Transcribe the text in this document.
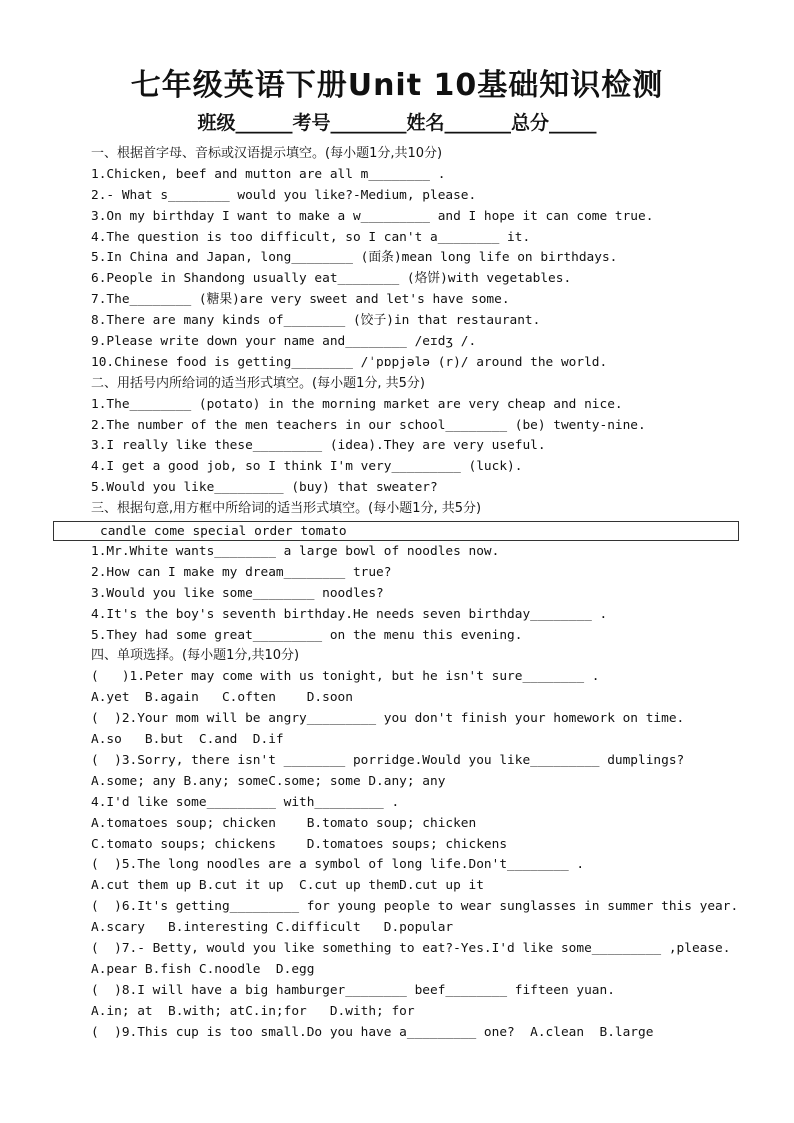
七年级英语下册Unit 10基础知识检测
班级______考号________姓名_______总分_____
一、根据首字母、音标或汉语提示填空。(每小题1分,共10分)
1.Chicken, beef and mutton are all m________ .
2.- What s________ would you like?-Medium, please.
3.On my birthday I want to make a w_________ and I hope it can come true.
4.The question is too difficult, so I can't a________ it.
5.In China and Japan, long________ (面条)mean long life on birthdays.
6.People in Shandong usually eat________ (烙饼)with vegetables.
7.The________ (糖果)are very sweet and let's have some.
8.There are many kinds of________ (饺子)in that restaurant.
9.Please write down your name and________ /eɪdʒ /.
10.Chinese food is getting________ /ˈpɒpjələ (r)/ around the world.
二、用括号内所给词的适当形式填空。(每小题1分, 共5分)
1.The________ (potato) in the morning market are very cheap and nice.
2.The number of the men teachers in our school________ (be) twenty-nine.
3.I really like these_________ (idea).They are very useful.
4.I get a good job, so I think I'm very_________ (luck).
5.Would you like_________ (buy) that sweater?
三、根据句意,用方框中所给词的适当形式填空。(每小题1分, 共5分)
candle come special order tomato
1.Mr.White wants________ a large bowl of noodles now.
2.How can I make my dream________ true?
3.Would you like some________ noodles?
4.It's the boy's seventh birthday.He needs seven birthday________ .
5.They had some great_________ on the menu this evening.
四、单项选择。(每小题1分,共10分)
(   )1.Peter may come with us tonight, but he isn't sure________ .
A.yet  B.again   C.often    D.soon
(  )2.Your mom will be angry_________ you don't finish your homework on time.
A.so   B.but  C.and  D.if
(  )3.Sorry, there isn't ________ porridge.Would you like_________ dumplings?
A.some; any B.any; someC.some; some D.any; any
4.I'd like some_________ with_________ .
A.tomatoes soup; chicken    B.tomato soup; chicken
C.tomato soups; chickens    D.tomatoes soups; chickens
(  )5.The long noodles are a symbol of long life.Don't________ .
A.cut them up B.cut it up  C.cut up themD.cut up it
(  )6.It's getting_________ for young people to wear sunglasses in summer this year.
A.scary   B.interesting C.difficult   D.popular
(  )7.- Betty, would you like something to eat?-Yes.I'd like some_________ ,please.
A.pear B.fish C.noodle  D.egg
(  )8.I will have a big hamburger________ beef________ fifteen yuan.
A.in; at  B.with; atC.in;for   D.with; for
(  )9.This cup is too small.Do you have a_________ one?  A.clean  B.large
